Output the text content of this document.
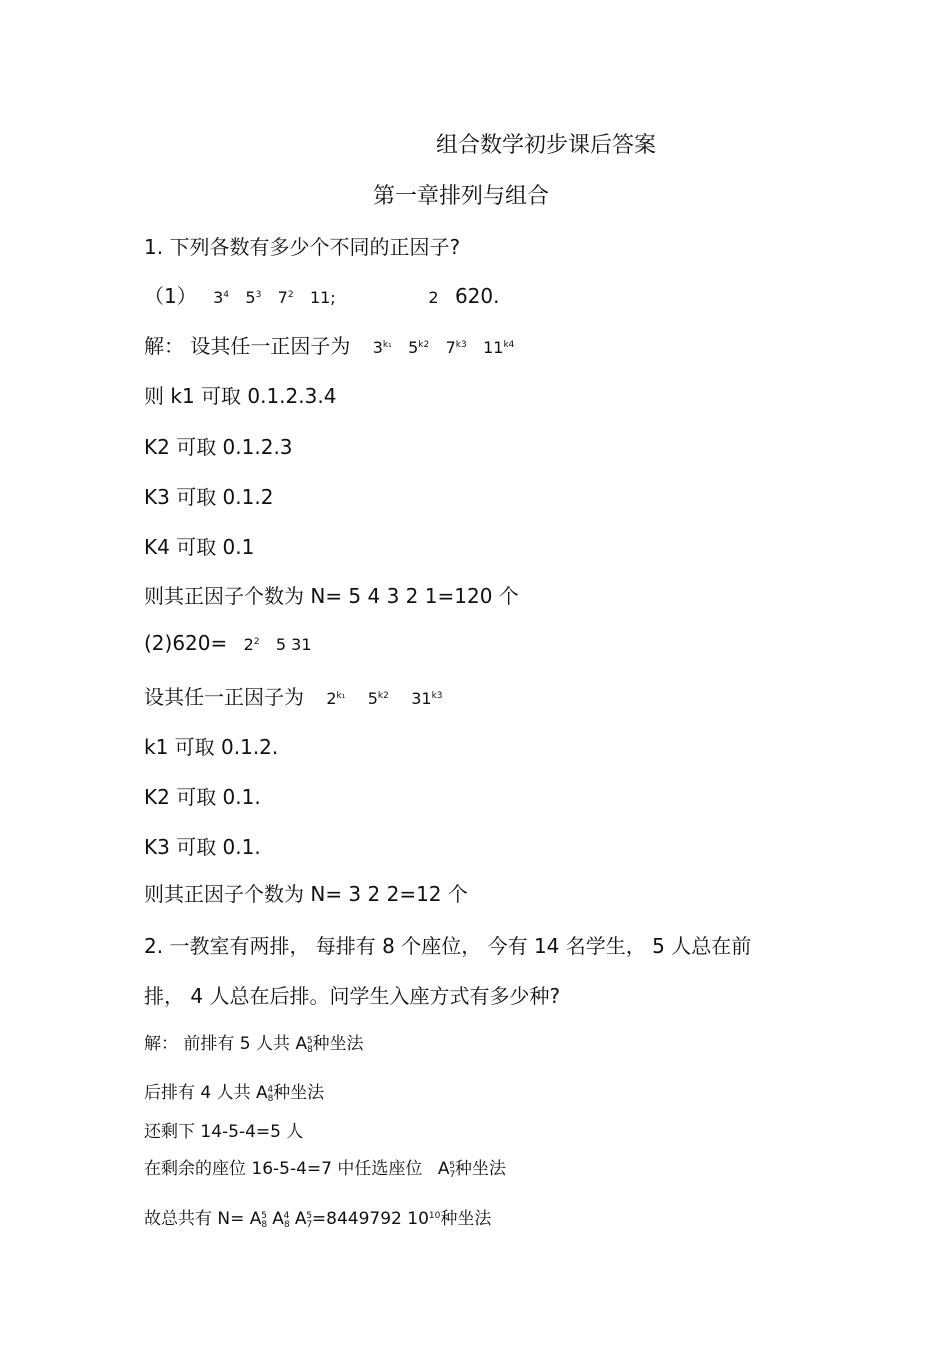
组合数学初步课后答案
第一章排列与组合
1. 下列各数有多少个不同的正因子?
（1） $3^4$ $5^3$ $7^2$ 11;	2 620.
解： 设其任一正因子为 $3^{k_1}$ $5^{k2}$ $7^{k3}$ $11^{k4}$
则 k1 可取 0.1.2.3.4
K2 可取 0.1.2.3
K3 可取 0.1.2
K4 可取 0.1
则其正因子个数为 N= 5 4 3 2 1=120 个
$(2)620= 2^2$ 5 31
设其任一正因子为 $2^{k_1}$ $5^{k2}$ $31^{k3}$
k1 可取 0.1.2.
K2 可取 0.1.
K3 可取 0.1.
则其正因子个数为 N= 3 2 2=12 个
2. 一教室有两排， 每排有 8 个座位， 今有 14 名学生， 5 人总在前
排， 4 人总在后排。问学生入座方式有多少种?
解： 前排有 5 人共 $A_8^5$种坐法
后排有 4 人共 $A_8^4$种坐法
还剩下 14-5-4=5 人
在剩余的座位 16-5-4=7 中任选座位 $A_7^5$种坐法
故总共有 $N= A_8^5$ $A_8^4$ $A_7^5=8449792$ $10^{10}$种坐法
